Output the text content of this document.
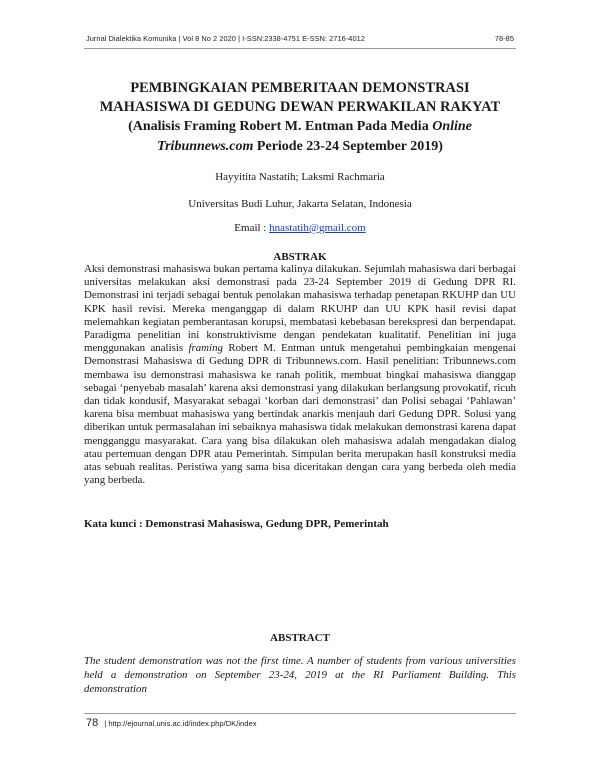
Jurnal Dialektika Komunika | Vol 8 No 2 2020 | I-SSN:2338-4751 E-SSN: 2716-4012	78-85
PEMBINGKAIAN PEMBERITAAN DEMONSTRASI
MAHASISWA DI GEDUNG DEWAN PERWAKILAN RAKYAT
(Analisis Framing Robert M. Entman Pada Media Online
Tribunnews.com Periode 23-24 September 2019)
Hayyitita Nastatih; Laksmi Rachmaria
Universitas Budi Luhur, Jakarta Selatan, Indonesia
Email : hnastatih@gmail.com
ABSTRAK
Aksi demonstrasi mahasiswa bukan pertama kalinya dilakukan. Sejumlah mahasiswa dari berbagai universitas melakukan aksi demonstrasi pada 23-24 September 2019 di Gedung DPR RI. Demonstrasi ini terjadi sebagai bentuk penolakan mahasiswa terhadap penetapan RKUHP dan UU KPK hasil revisi. Mereka menganggap di dalam RKUHP dan UU KPK hasil revisi dapat melemahkan kegiatan pemberantasan korupsi, membatasi kebebasan berekspresi dan berpendapat. Paradigma penelitian ini konstruktivisme dengan pendekatan kualitatif. Penelitian ini juga menggunakan analisis framing Robert M. Entman untuk mengetahui pembingkaian mengenai Demonstrasi Mahasiswa di Gedung DPR di Tribunnews.com. Hasil penelitian: Tribunnews.com membawa isu demonstrasi mahasiswa ke ranah politik, membuat bingkai mahasiswa dianggap sebagai ‘penyebab masalah’ karena aksi demonstrasi yang dilakukan berlangsung provokatif, ricuh dan tidak kondusif, Masyarakat sebagai ‘korban dari demonstrasi’ dan Polisi sebagai ‘Pahlawan’ karena bisa membuat mahasiswa yang bertindak anarkis menjauh dari Gedung DPR. Solusi yang diberikan untuk permasalahan ini sebaiknya mahasiswa tidak melakukan demonstrasi karena dapat mengganggu masyarakat. Cara yang bisa dilakukan oleh mahasiswa adalah mengadakan dialog atau pertemuan dengan DPR atau Pemerintah. Simpulan berita merupakan hasil konstruksi media atas sebuah realitas. Peristiwa yang sama bisa diceritakan dengan cara yang berbeda oleh media yang berbeda.
Kata kunci : Demonstrasi Mahasiswa, Gedung DPR, Pemerintah
ABSTRACT
The student demonstration was not the first time. A number of students from various universities held a demonstration on September 23-24, 2019 at the RI Parliament Building. This demonstration
78 | http://ejournal.unis.ac.id/index.php/DK/index
